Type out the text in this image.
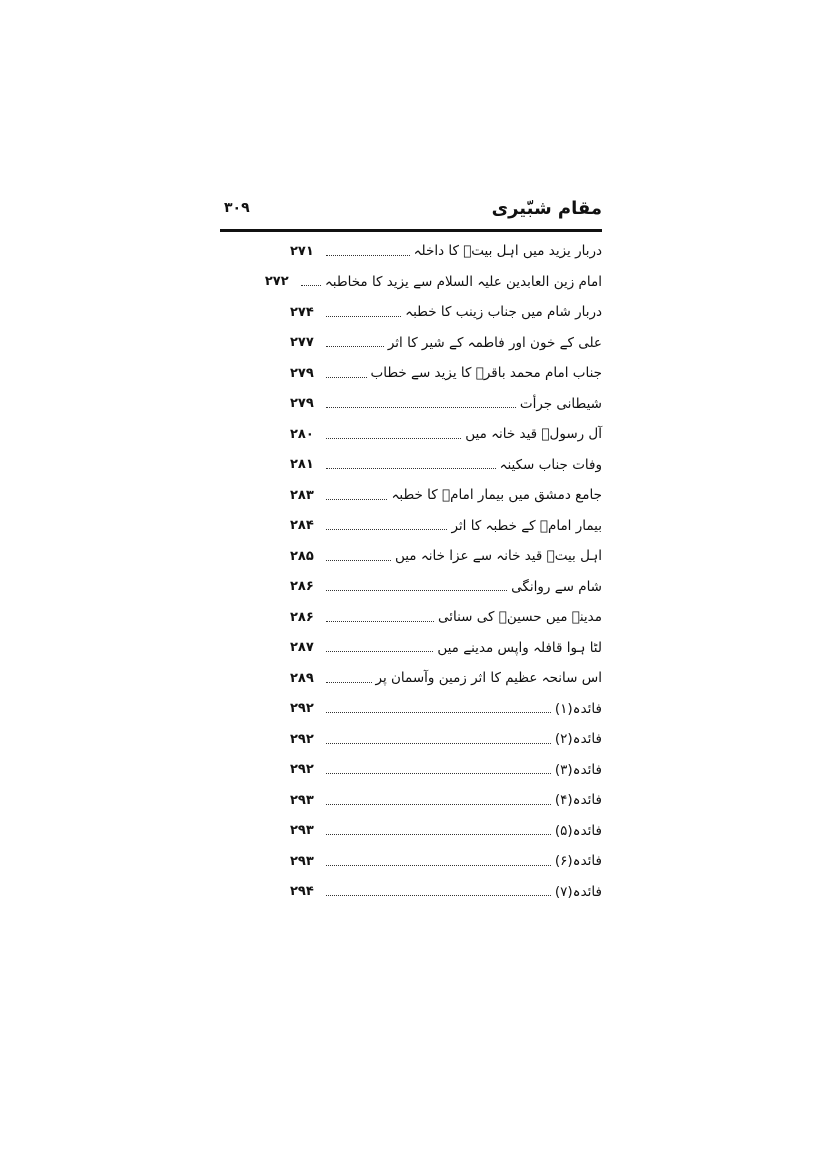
مقام شبّیری
۳۰۹
دربار یزید میں اہل بیتؑ کا داخلہ
۲۷۱
امام زین العابدین علیہ السلام سے یزید کا مخاطبہ
۲۷۲
دربار شام میں جناب زینب کا خطبہ
۲۷۴
علی کے خون اور فاطمہ کے شیر کا اثر
۲۷۷
جناب امام محمد باقرؑ کا یزید سے خطاب
۲۷۹
شیطانی جرأت
۲۷۹
آل رسولؐ قید خانہ میں
۲۸۰
وفات جناب سکینہ
۲۸۱
جامع دمشق میں بیمار امامؑ کا خطبہ
۲۸۳
بیمار امامؑ کے خطبہ کا اثر
۲۸۴
اہل بیتؑ قید خانہ سے عزا خانہ میں
۲۸۵
شام سے روانگی
۲۸۶
مدینہ میں حسینؑ کی سنائی
۲۸۶
لٹا ہوا قافلہ واپس مدینے میں
۲۸۷
اس سانحہ عظیم کا اثر زمین وآسمان پر
۲۸۹
فائدہ(۱)
۲۹۲
فائدہ(۲)
۲۹۲
فائدہ(۳)
۲۹۲
فائدہ(۴)
۲۹۳
فائدہ(۵)
۲۹۳
فائدہ(۶)
۲۹۳
فائدہ(۷)
۲۹۴
